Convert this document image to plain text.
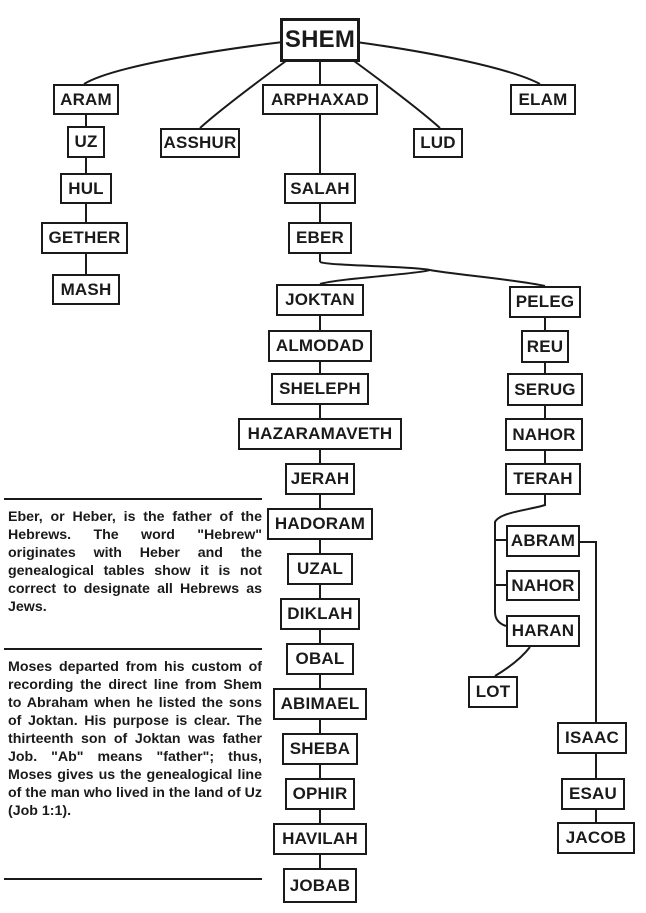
SHEM
ARAM
ASSHUR
ARPHAXAD
LUD
ELAM
UZ
HUL
GETHER
MASH
SALAH
EBER
JOKTAN
ALMODAD
SHELEPH
HAZARAMAVETH
JERAH
HADORAM
UZAL
DIKLAH
OBAL
ABIMAEL
SHEBA
OPHIR
HAVILAH
JOBAB
PELEG
REU
SERUG
NAHOR
TERAH
ABRAM
NAHOR
HARAN
LOT
ISAAC
ESAU
JACOB
Eber, or Heber, is the father of the Hebrews. The word "Hebrew" originates with Heber and the genealogical tables show it is not correct to designate all Hebrews as Jews.
Moses departed from his custom of recording the direct line from Shem to Abraham when he listed the sons of Joktan. His purpose is clear. The thirteenth son of Joktan was father Job. "Ab" means "father"; thus, Moses gives us the genealogical line of the man who lived in the land of Uz (Job 1:1).
